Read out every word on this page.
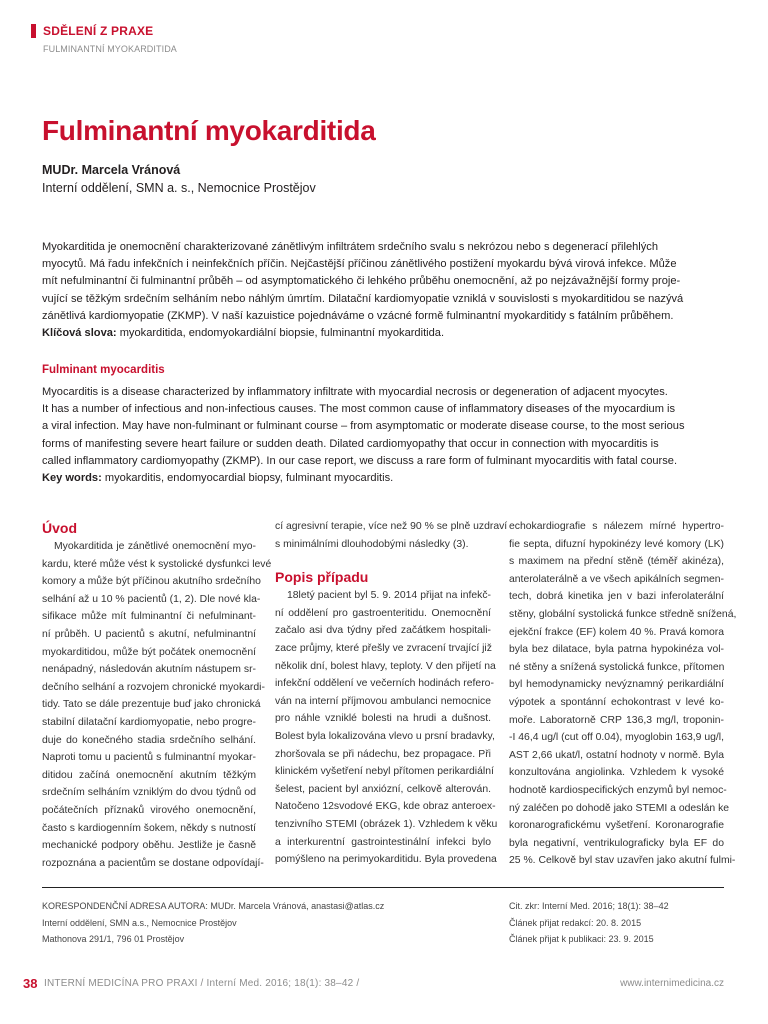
SDĚLENÍ Z PRAXE
FULMINANTNÍ MYOKARDITIDA
Fulminantní myokarditida
MUDr. Marcela Vránová
Interní oddělení, SMN a. s., Nemocnice Prostějov
Myokarditida je onemocnění charakterizované zánětlivým infiltrátem srdečního svalu s nekrózou nebo s degenerací přilehlých
myocytů. Má řadu infekčních i neinfekčních příčin. Nejčastější příčinou zánětlivého postižení myokardu bývá virová infekce. Může
mít nefulminantní či fulminantní průběh – od asymptomatického či lehkého průběhu onemocnění, až po nejzávažnější formy proje-
vující se těžkým srdečním selháním nebo náhlým úmrtím. Dilatační kardiomyopatie vzniklá v souvislosti s myokarditidou se nazývá
zánětlivá kardiomyopatie (ZKMP). V naší kazuistice pojednáváme o vzácné formě fulminantní myokarditidy s fatálním průběhem.
Klíčová slova: myokarditida, endomyokardiální biopsie, fulminantní myokarditida.
Fulminant myocarditis
Myocarditis is a disease characterized by inflammatory infiltrate with myocardial necrosis or degeneration of adjacent myocytes.
It has a number of infectious and non-infectious causes. The most common cause of inflammatory diseases of the myocardium is
a viral infection. May have non-fulminant or fulminant course – from asymptomatic or moderate disease course, to the most serious
forms of manifesting severe heart failure or sudden death. Dilated cardiomyopathy that occur in connection with myocarditis is
called inflammatory cardiomyopathy (ZKMP). In our case report, we discuss a rare form of fulminant myocarditis with fatal course.
Key words: myokarditis, endomyocardial biopsy, fulminant myocarditis.
Úvod
Myokarditida je zánětlivé onemocnění myo-
kardu, které může vést k systolické dysfunkci levé
komory a může být příčinou akutního srdečního
selhání až u 10 % pacientů (1, 2). Dle nové kla-
sifikace může mít fulminantní či nefulminant-
ní průběh. U pacientů s akutní, nefulminantní
myokarditidou, může být počátek onemocnění
nenápadný, následován akutním nástupem sr-
dečního selhání a rozvojem chronické myokardi-
tidy. Tato se dále prezentuje buď jako chronická
stabilní dilatační kardiomyopatie, nebo progre-
duje do konečného stadia srdečního selhání.
Naproti tomu u pacientů s fulminantní myokar-
ditidou začíná onemocnění akutním těžkým
srdečním selháním vzniklým do dvou týdnů od
počátečních příznaků virového onemocnění,
často s kardiogenním šokem, někdy s nutností
mechanické podpory oběhu. Jestliže je časně
rozpoznána a pacientům se dostane odpovídají-
cí agresivní terapie, více než 90 % se plně uzdraví
s minimálními dlouhodobými následky (3).
Popis případu
18letý pacient byl 5. 9. 2014 přijat na infekč-
ní oddělení pro gastroenteritidu. Onemocnění
začalo asi dva týdny před začátkem hospitali-
zace průjmy, které přešly ve zvracení trvající již
několik dní, bolest hlavy, teploty. V den přijetí na
infekční oddělení ve večerních hodinách refero-
ván na interní příjmovou ambulanci nemocnice
pro náhle vzniklé bolesti na hrudi a dušnost.
Bolest byla lokalizována vlevo u prsní bradavky,
zhoršovala se při nádechu, bez propagace. Při
klinickém vyšetření nebyl přítomen perikardiální
šelest, pacient byl anxiózní, celkově alterován.
Natočeno 12svodové EKG, kde obraz anteroex-
tenzivního STEMI (obrázek 1). Vzhledem k věku
a interkurentní gastrointestinální infekci bylo
pomýšleno na perimyokarditidu. Byla provedena
echokardiografie s nálezem mírné hypertro-
fie septa, difuzní hypokinézy levé komory (LK)
s maximem na přední stěně (téměř akinéza),
anterolaterálně a ve všech apikálních segmen-
tech, dobrá kinetika jen v bazi inferolaterální
stěny, globální systolická funkce středně snížená,
ejekční frakce (EF) kolem 40 %. Pravá komora
byla bez dilatace, byla patrna hypokinéza vol-
né stěny a snížená systolická funkce, přítomen
byl hemodynamicky nevýznamný perikardiální
výpotek a spontánní echokontrast v levé ko-
moře. Laboratorně CRP 136,3 mg/l, troponin-
-I 46,4 ug/l (cut off 0.04), myoglobin 163,9 ug/l,
AST 2,66 ukat/l, ostatní hodnoty v normě. Byla
konzultována angiolinka. Vzhledem k vysoké
hodnotě kardiospecifických enzymů byl nemoc-
ný zaléčen po dohodě jako STEMI a odeslán ke
koronarografickému vyšetření. Koronarografie
byla negativní, ventrikulograficky byla EF do
25 %. Celkově byl stav uzavřen jako akutní fulmi-
KORESPONDENČNÍ ADRESA AUTORA: MUDr. Marcela Vránová, anastasi@atlas.cz
Interní oddělení, SMN a.s., Nemocnice Prostějov
Mathonova 291/1, 796 01 Prostějov
Cit. zkr: Interní Med. 2016; 18(1): 38–42
Článek přijat redakcí: 20. 8. 2015
Článek přijat k publikaci: 23. 9. 2015
38 INTERNÍ MEDICÍNA PRO PRAXI / Interní Med. 2016; 18(1): 38–42 /	www.internimedicina.cz
